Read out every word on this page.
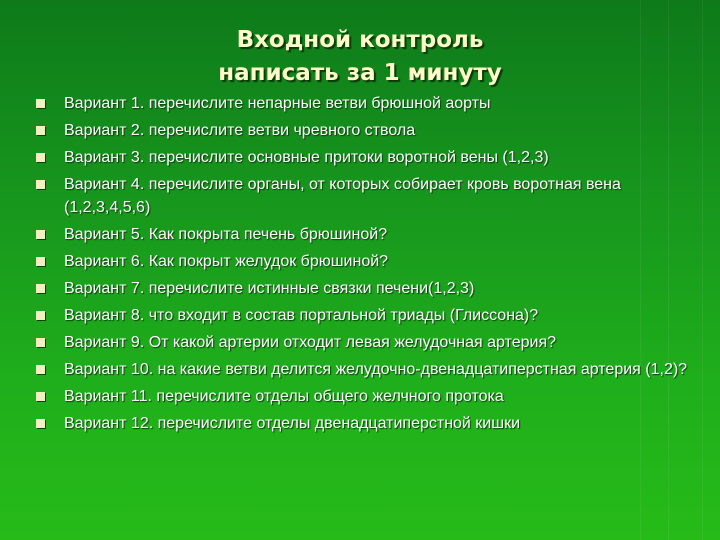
Входной контроль
написать за 1 минуту
Вариант 1. перечислите непарные ветви брюшной аорты
Вариант 2. перечислите ветви чревного ствола
Вариант 3. перечислите основные притоки воротной вены (1,2,3)
Вариант 4. перечислите органы, от которых собирает кровь воротная вена (1,2,3,4,5,6)
Вариант 5. Как покрыта печень брюшиной?
Вариант 6. Как покрыт желудок брюшиной?
Вариант 7. перечислите истинные связки печени(1,2,3)
Вариант 8. что входит в состав портальной триады (Глиссона)?
Вариант 9. От какой артерии отходит левая желудочная артерия?
Вариант 10. на какие ветви делится желудочно-двенадцатиперстная артерия (1,2)?
Вариант 11. перечислите отделы общего желчного протока
Вариант 12. перечислите отделы двенадцатиперстной кишки
